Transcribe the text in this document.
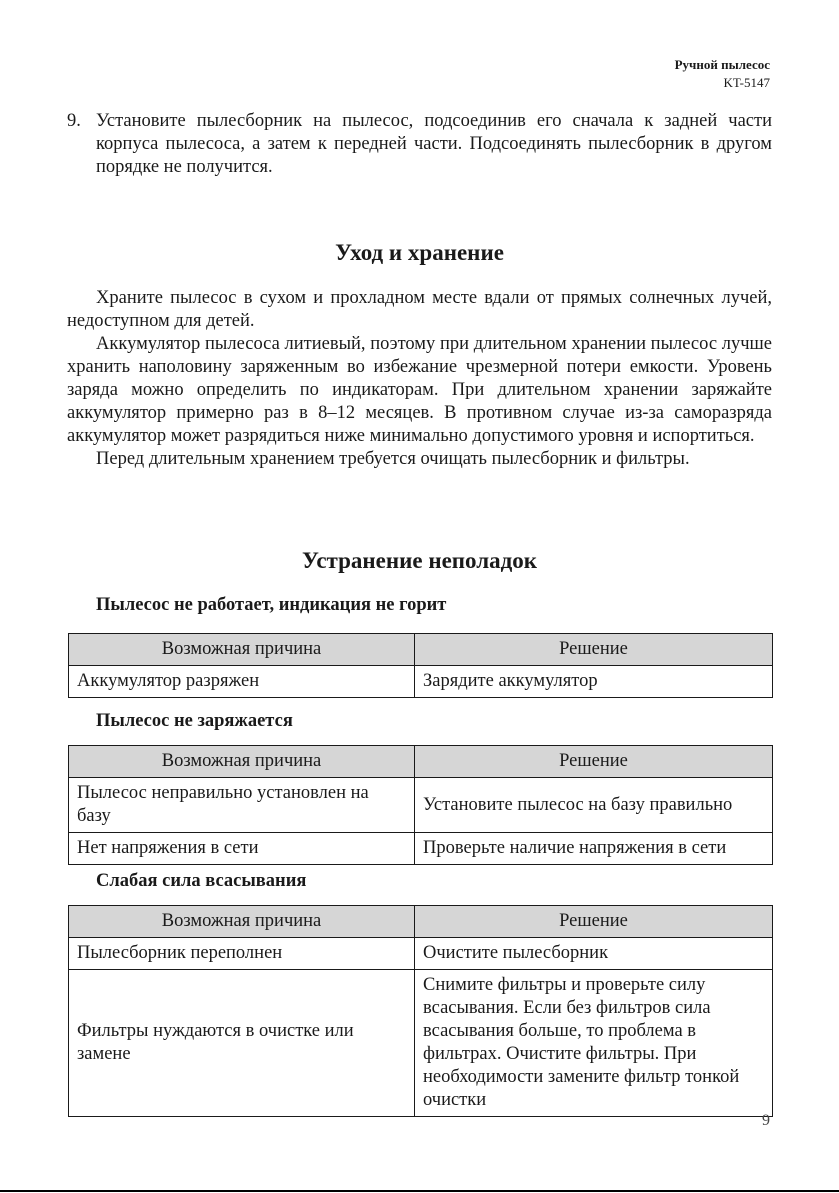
Ручной пылесос
KT-5147
9. Установите пылесборник на пылесос, подсоединив его сначала к задней части корпуса пылесоса, а затем к передней части. Подсоединять пылесборник в другом порядке не получится.
Уход и хранение

Храните пылесос в сухом и прохладном месте вдали от прямых солнечных лучей, недоступном для детей.

Аккумулятор пылесоса литиевый, поэтому при длительном хранении пылесос лучше хранить наполовину заряженным во избежание чрезмерной потери емкости. Уровень заряда можно определить по индикаторам. При длительном хранении заряжайте аккумулятор примерно раз в 8–12 месяцев. В противном случае из-за саморазряда аккумулятор может разрядиться ниже минимально допустимого уровня и испортиться.

Перед длительным хранением требуется очищать пылесборник и фильтры.

Устранение неполадок
Пылесос не работает, индикация не горит
Возможная причина	Решение
Аккумулятор разряжен	Зарядите аккумулятор
Пылесос не заряжается
Возможная причина	Решение
Пылесос неправильно установлен на базу	Установите пылесос на базу правильно
Нет напряжения в сети	Проверьте наличие напряжения в сети
Слабая сила всасывания
Возможная причина	Решение
Пылесборник переполнен	Очистите пылесборник
Фильтры нуждаются в очистке или замене	Снимите фильтры и проверьте силу всасывания. Если без фильтров сила всасывания больше, то проблема в фильтрах. Очистите фильтры. При необходимости замените фильтр тонкой очистки
9
